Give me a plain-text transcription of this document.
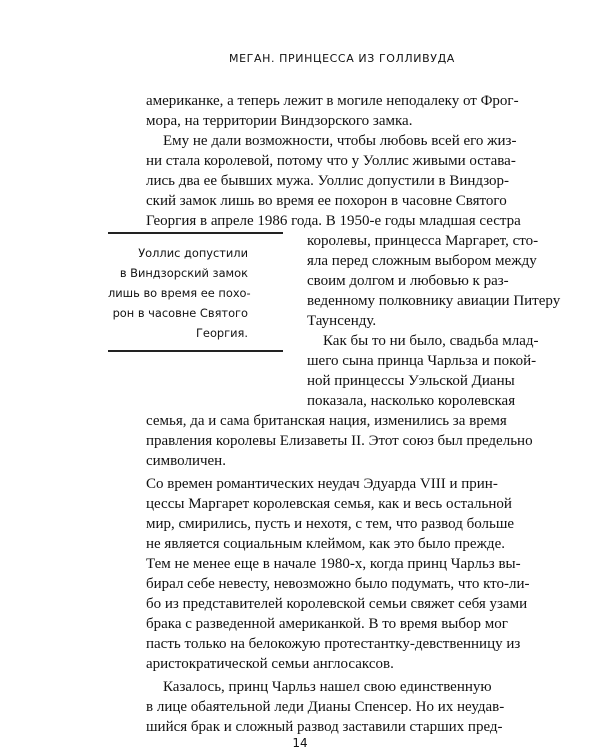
МЕГАН. ПРИНЦЕССА ИЗ ГОЛЛИВУДА
американке, а теперь лежит в могиле неподалеку от Фрог-
мора, на территории Виндзорского замка.
Ему не дали возможности, чтобы любовь всей его жиз-
ни стала королевой, потому что у Уоллис живыми остава-
лись два ее бывших мужа. Уоллис допустили в Виндзор-
ский замок лишь во время ее похорон в часовне Святого
Георгия в апреле 1986 года. В 1950-е годы младшая сестра
королевы, принцесса Маргарет, сто-
яла перед сложным выбором между
своим долгом и любовью к раз-
веденному полковнику авиации Питеру
Таунсенду.
Как бы то ни было, свадьба млад-
шего сына принца Чарльза и покой-
ной принцессы Уэльской Дианы
показала, насколько королевская
семья, да и сама британская нация, изменились за время
правления королевы Елизаветы II. Этот союз был предельно
символичен.
Со времен романтических неудач Эдуарда VIII и прин-
цессы Маргарет королевская семья, как и весь остальной
мир, смирились, пусть и нехотя, с тем, что развод больше
не является социальным клеймом, как это было прежде.
Тем не менее еще в начале 1980-х, когда принц Чарльз вы-
бирал себе невесту, невозможно было подумать, что кто-ли-
бо из представителей королевской семьи свяжет себя узами
брака с разведенной американкой. В то время выбор мог
пасть только на белокожую протестантку-девственницу из
аристократической семьи англосаксов.
Казалось, принц Чарльз нашел свою единственную
в лице обаятельной леди Дианы Спенсер. Но их неудав-
шийся брак и сложный развод заставили старших пред-
Уоллис допустили
в Виндзорский замок
лишь во время ее похо-
рон в часовне Святого
Георгия.
14
